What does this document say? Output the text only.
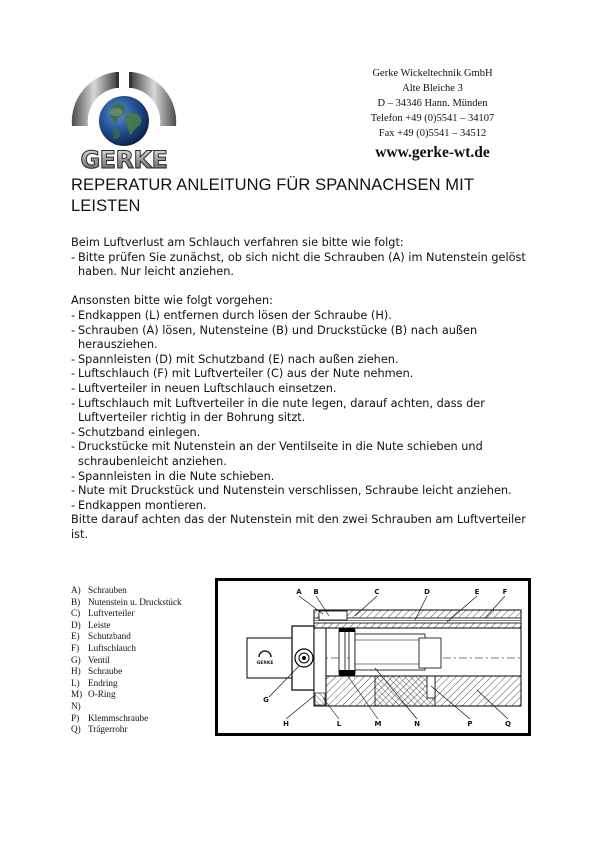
GERKE
Gerke Wickeltechnik GmbH
Alte Bleiche 3
D – 34346 Hann. Münden
Telefon +49 (0)5541 – 34107
Fax +49 (0)5541 – 34512
www.gerke-wt.de
REPERATUR ANLEITUNG FÜR SPANNACHSEN MIT LEISTEN

Beim Luftverlust am Schlauch verfahren sie bitte wie folgt:

- Bitte prüfen Sie zunächst, ob sich nicht die Schrauben (A) im Nutenstein gelöst haben. Nur leicht anziehen.

Ansonsten bitte wie folgt vorgehen:

- Endkappen (L) entfernen durch lösen der Schraube (H).
- Schrauben (A) lösen, Nutensteine (B) und Druckstücke (B) nach außen herausziehen.
- Spannleisten (D) mit Schutzband (E) nach außen ziehen.
- Luftschlauch (F) mit Luftverteiler (C) aus der Nute nehmen.
- Luftverteiler in neuen Luftschlauch einsetzen.
- Luftschlauch mit Luftverteiler in die nute legen, darauf achten, dass der Luftverteiler richtig in der Bohrung sitzt.
- Schutzband einlegen.
- Druckstücke mit Nutenstein an der Ventilseite in die Nute schieben und schraubenleicht anziehen.
- Spannleisten in die Nute schieben.
- Nute mit Druckstück und Nutenstein verschlissen, Schraube leicht anziehen.
- Endkappen montieren.

Bitte darauf achten das der Nutenstein mit den zwei Schrauben am Luftverteiler ist.

A) Schrauben
B) Nutenstein u. Druckstück
C) Luftverteiler
D) Leiste
E) Schutzband
F) Luftschlauch
G) Ventil
H) Schraube
L) Endring
M) O-Ring
N)
P) Klemmschraube
Q) Trägerrohr
A B	C	D	E	F
G
H	L	M	N	P	Q
GERKE
